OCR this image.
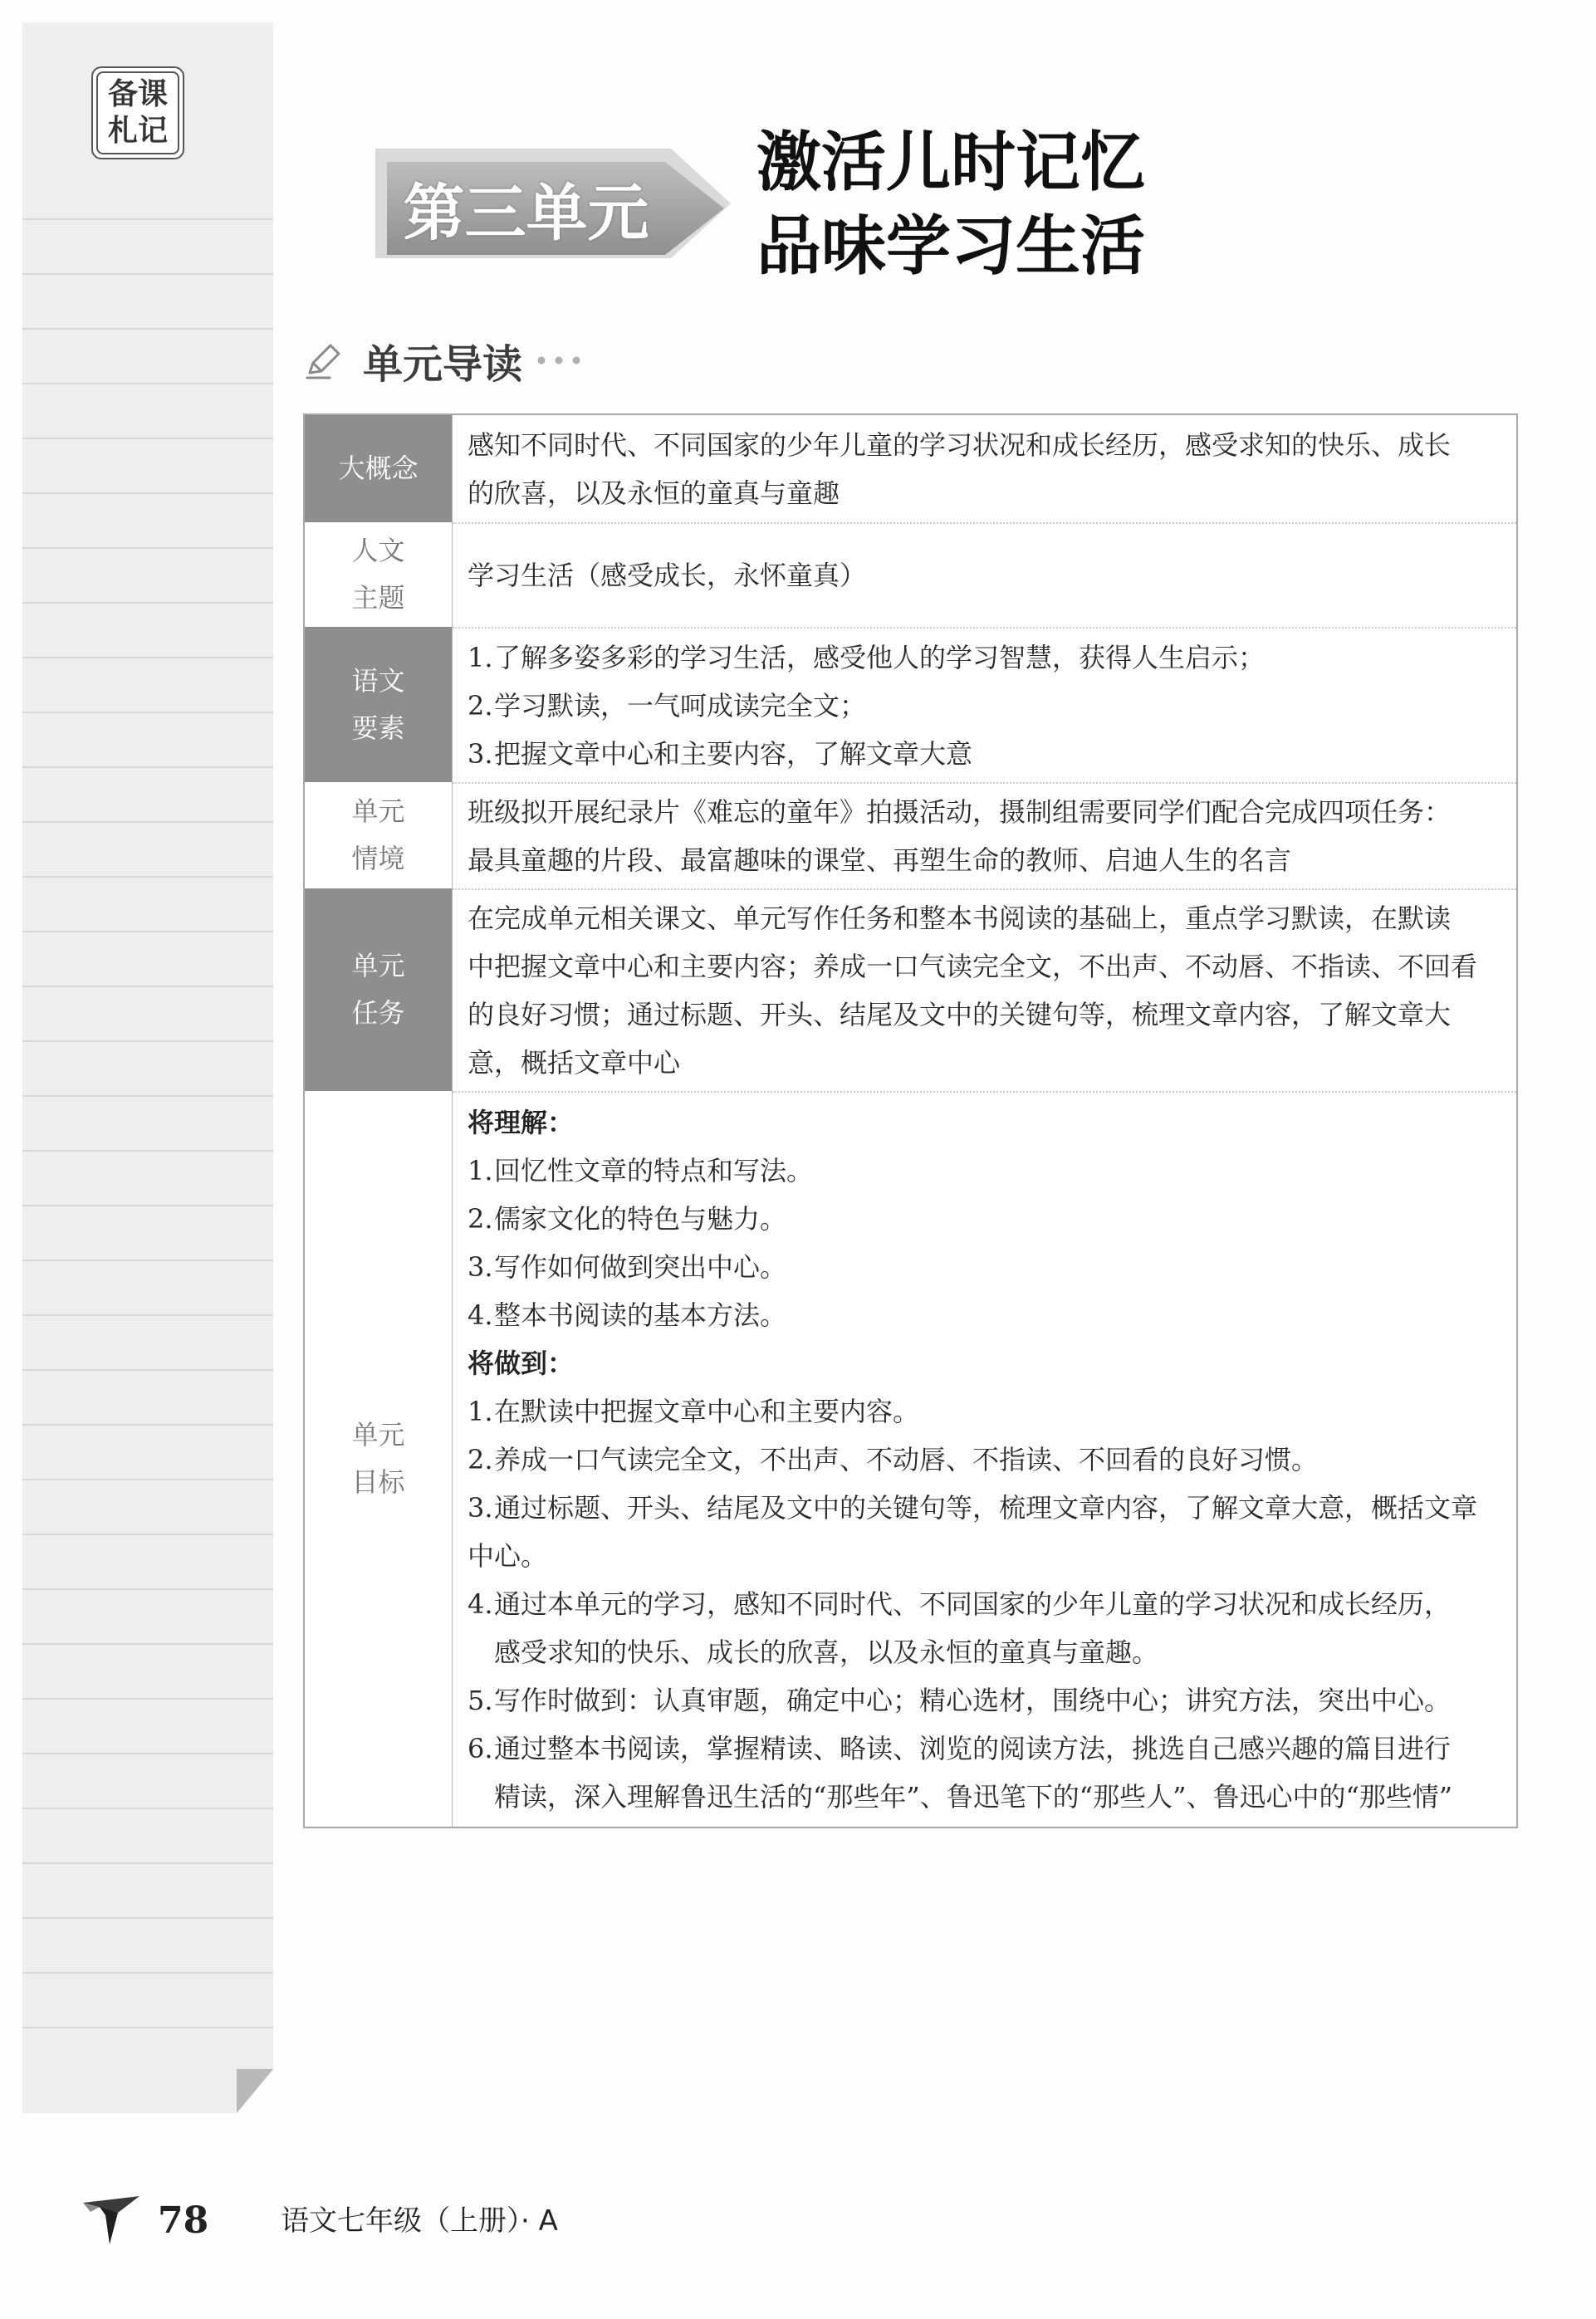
备课
札记
第三单元
激活儿时记忆
品味学习生活
单元导读
大概念
感知不同时代、不同国家的少年儿童的学习状况和成长经历，感受求知的快乐、成长
的欣喜，以及永恒的童真与童趣
人文
主题
学习生活（感受成长，永怀童真）
语文
要素
1.了解多姿多彩的学习生活，感受他人的学习智慧，获得人生启示；
2.学习默读，一气呵成读完全文；
3.把握文章中心和主要内容，了解文章大意
单元
情境
班级拟开展纪录片《难忘的童年》拍摄活动，摄制组需要同学们配合完成四项任务：
最具童趣的片段、最富趣味的课堂、再塑生命的教师、启迪人生的名言
单元
任务
在完成单元相关课文、单元写作任务和整本书阅读的基础上，重点学习默读，在默读
中把握文章中心和主要内容；养成一口气读完全文，不出声、不动唇、不指读、不回看
的良好习惯；通过标题、开头、结尾及文中的关键句等，梳理文章内容，了解文章大
意，概括文章中心
单元
目标
将理解：
1.回忆性文章的特点和写法。
2.儒家文化的特色与魅力。
3.写作如何做到突出中心。
4.整本书阅读的基本方法。
将做到：
1.在默读中把握文章中心和主要内容。
2.养成一口气读完全文，不出声、不动唇、不指读、不回看的良好习惯。
3.通过标题、开头、结尾及文中的关键句等，梳理文章内容，了解文章大意，概括文章
中心。
4.通过本单元的学习，感知不同时代、不同国家的少年儿童的学习状况和成长经历，
感受求知的快乐、成长的欣喜，以及永恒的童真与童趣。
5.写作时做到：认真审题，确定中心；精心选材，围绕中心；讲究方法，突出中心。
6.通过整本书阅读，掌握精读、略读、浏览的阅读方法，挑选自己感兴趣的篇目进行
精读，深入理解鲁迅生活的“那些年”、鲁迅笔下的“那些人”、鲁迅心中的“那些情”
78	语文七年级（上册）· A
